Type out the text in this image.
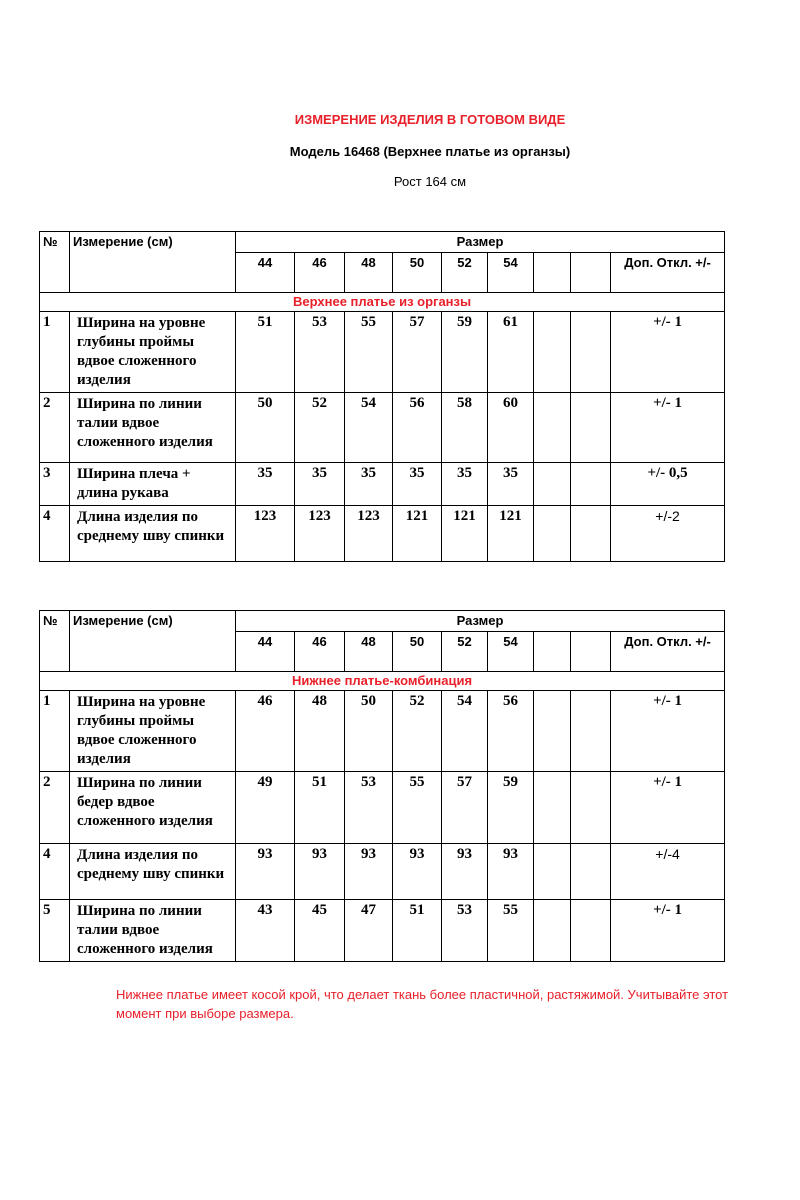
ИЗМЕРЕНИЕ ИЗДЕЛИЯ В ГОТОВОМ ВИДЕ
Модель 16468 (Верхнее платье из органзы)
Рост 164 см
№	Измерение (см)	Размер								
		44	46	48	50	52	54			Доп. Откл. +/-
Верхнее платье из органзы										
1	Ширина на уровне глубины проймы вдвое сложенного изделия	51	53	55	57	59	61			+/- 1
2	Ширина по линии талии вдвое сложенного изделия	50	52	54	56	58	60			+/- 1
3	Ширина плеча + длина рукава	35	35	35	35	35	35			+/- 0,5
4	Длина изделия по среднему шву спинки	123	123	123	121	121	121			+/-2
№	Измерение (см)	Размер								
		44	46	48	50	52	54			Доп. Откл. +/-
Нижнее платье-комбинация										
1	Ширина на уровне глубины проймы вдвое сложенного изделия	46	48	50	52	54	56			+/- 1
2	Ширина по линии бедер вдвое сложенного изделия	49	51	53	55	57	59			+/- 1
4	Длина изделия по среднему шву спинки	93	93	93	93	93	93			+/-4
5	Ширина по линии талии вдвое сложенного изделия	43	45	47	51	53	55			+/- 1
Нижнее платье имеет косой крой, что делает ткань более пластичной, растяжимой. Учитывайте этот момент при выборе размера.
